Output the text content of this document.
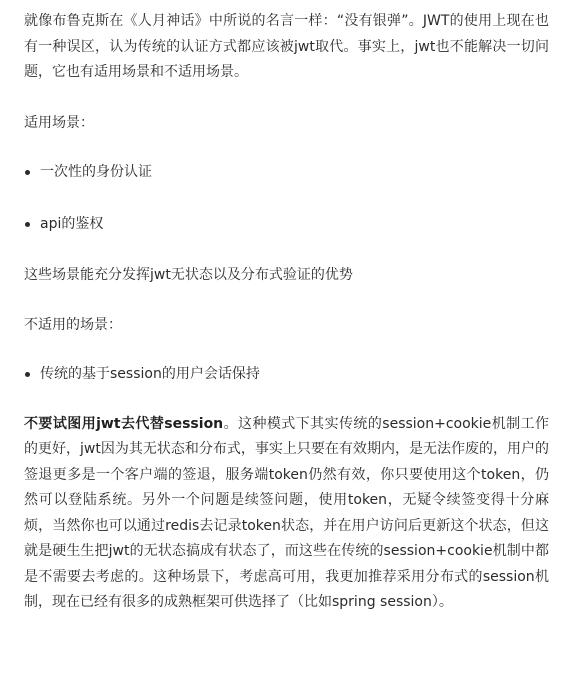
就像布鲁克斯在《人月神话》中所说的名言一样：“没有银弹”。JWT的使用上现在也有一种误区，认为传统的认证方式都应该被jwt取代。事实上，jwt也不能解决一切问题，它也有适用场景和不适用场景。

适用场景：

一次性的身份认证
api的鉴权

这些场景能充分发挥jwt无状态以及分布式验证的优势

不适用的场景：

传统的基于session的用户会话保持

不要试图用jwt去代替session。这种模式下其实传统的session+cookie机制工作的更好，jwt因为其无状态和分布式，事实上只要在有效期内，是无法作废的，用户的签退更多是一个客户端的签退，服务端token仍然有效，你只要使用这个token，仍然可以登陆系统。另外一个问题是续签问题，使用token，无疑令续签变得十分麻烦，当然你也可以通过redis去记录token状态，并在用户访问后更新这个状态，但这就是硬生生把jwt的无状态搞成有状态了，而这些在传统的session+cookie机制中都是不需要去考虑的。这种场景下，考虑高可用，我更加推荐采用分布式的session机制，现在已经有很多的成熟框架可供选择了（比如spring session）。
